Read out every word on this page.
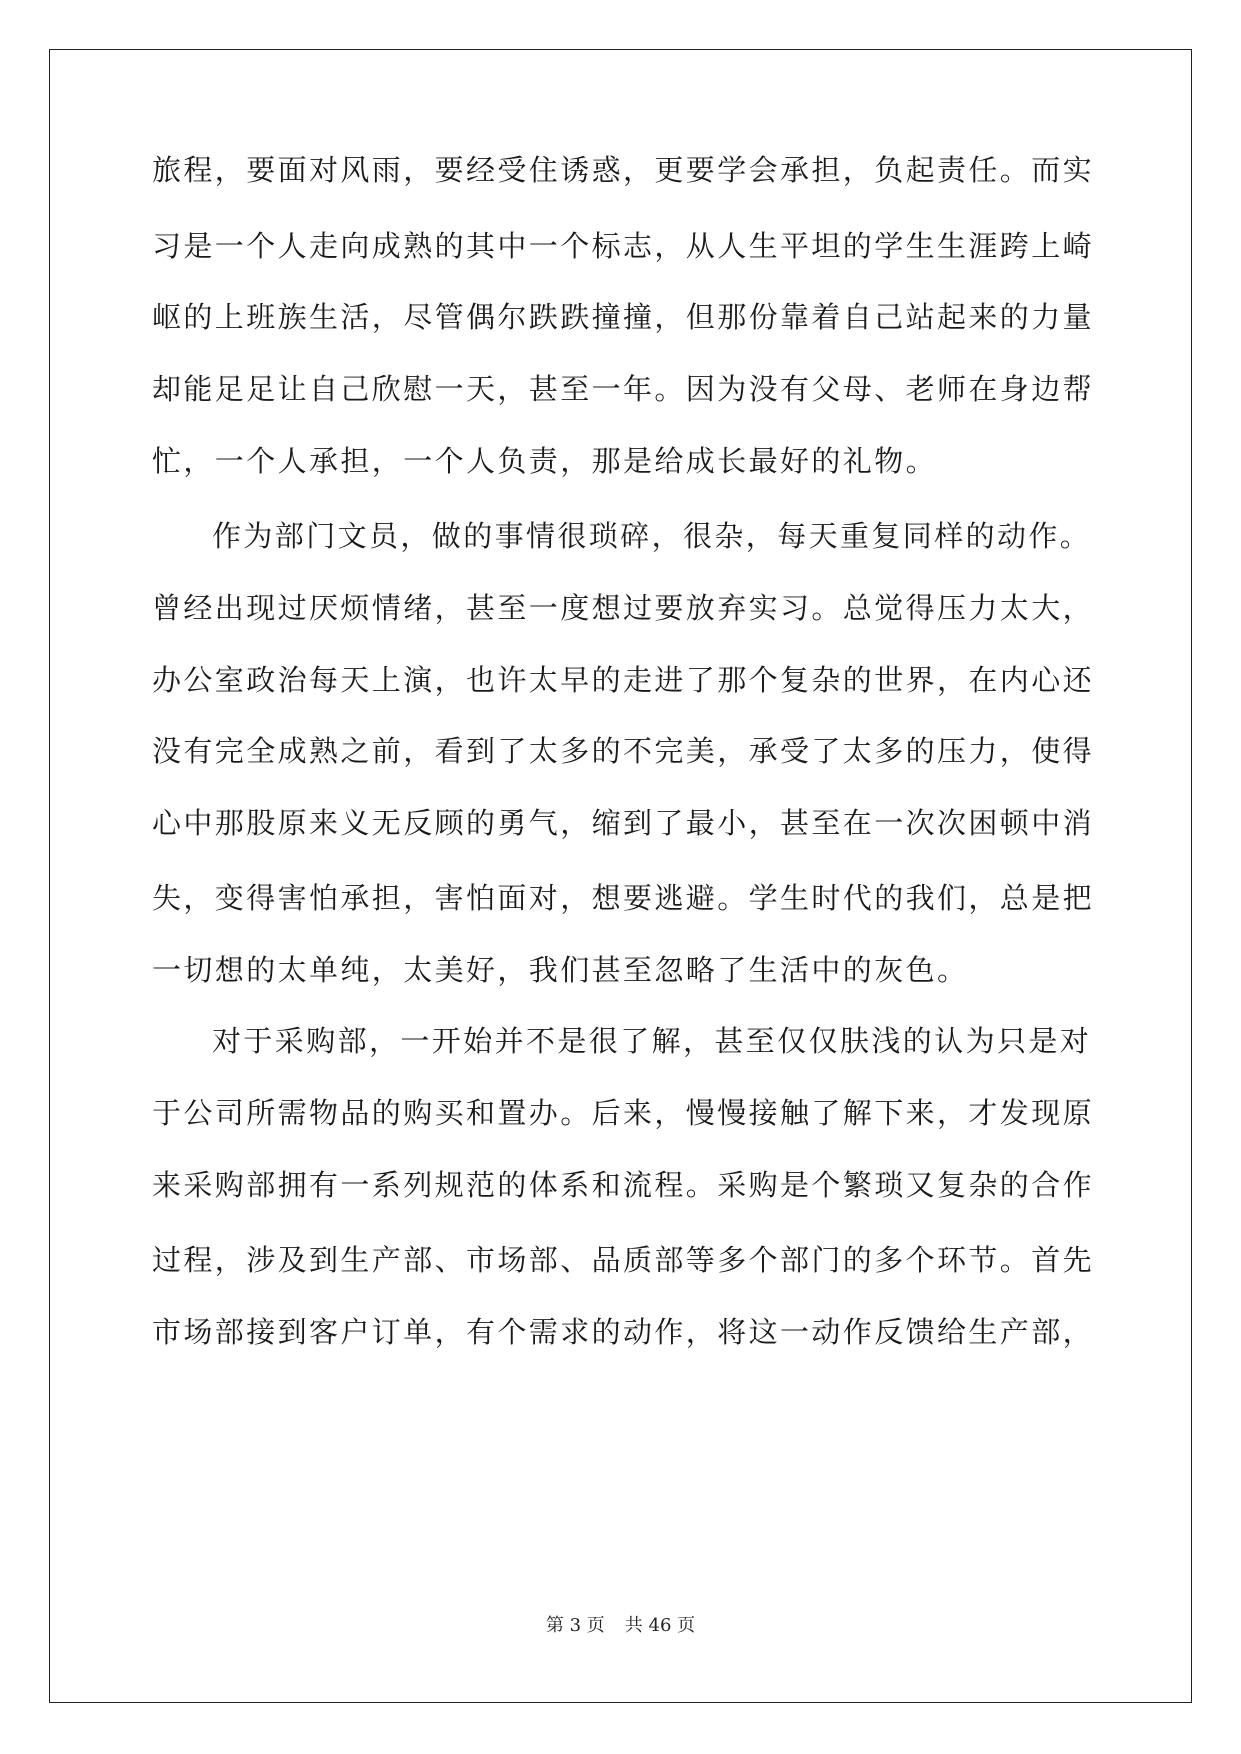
旅程，要面对风雨，要经受住诱惑，更要学会承担，负起责任。而实
习是一个人走向成熟的其中一个标志，从人生平坦的学生生涯跨上崎
岖的上班族生活，尽管偶尔跌跌撞撞，但那份靠着自己站起来的力量
却能足足让自己欣慰一天，甚至一年。因为没有父母、老师在身边帮
忙，一个人承担，一个人负责，那是给成长最好的礼物。
作为部门文员，做的事情很琐碎，很杂，每天重复同样的动作。
曾经出现过厌烦情绪，甚至一度想过要放弃实习。总觉得压力太大，
办公室政治每天上演，也许太早的走进了那个复杂的世界，在内心还
没有完全成熟之前，看到了太多的不完美，承受了太多的压力，使得
心中那股原来义无反顾的勇气，缩到了最小，甚至在一次次困顿中消
失，变得害怕承担，害怕面对，想要逃避。学生时代的我们，总是把
一切想的太单纯，太美好，我们甚至忽略了生活中的灰色。
对于采购部，一开始并不是很了解，甚至仅仅肤浅的认为只是对
于公司所需物品的购买和置办。后来，慢慢接触了解下来，才发现原
来采购部拥有一系列规范的体系和流程。采购是个繁琐又复杂的合作
过程，涉及到生产部、市场部、品质部等多个部门的多个环节。首先
市场部接到客户订单，有个需求的动作，将这一动作反馈给生产部，
第 3 页 共 46 页
